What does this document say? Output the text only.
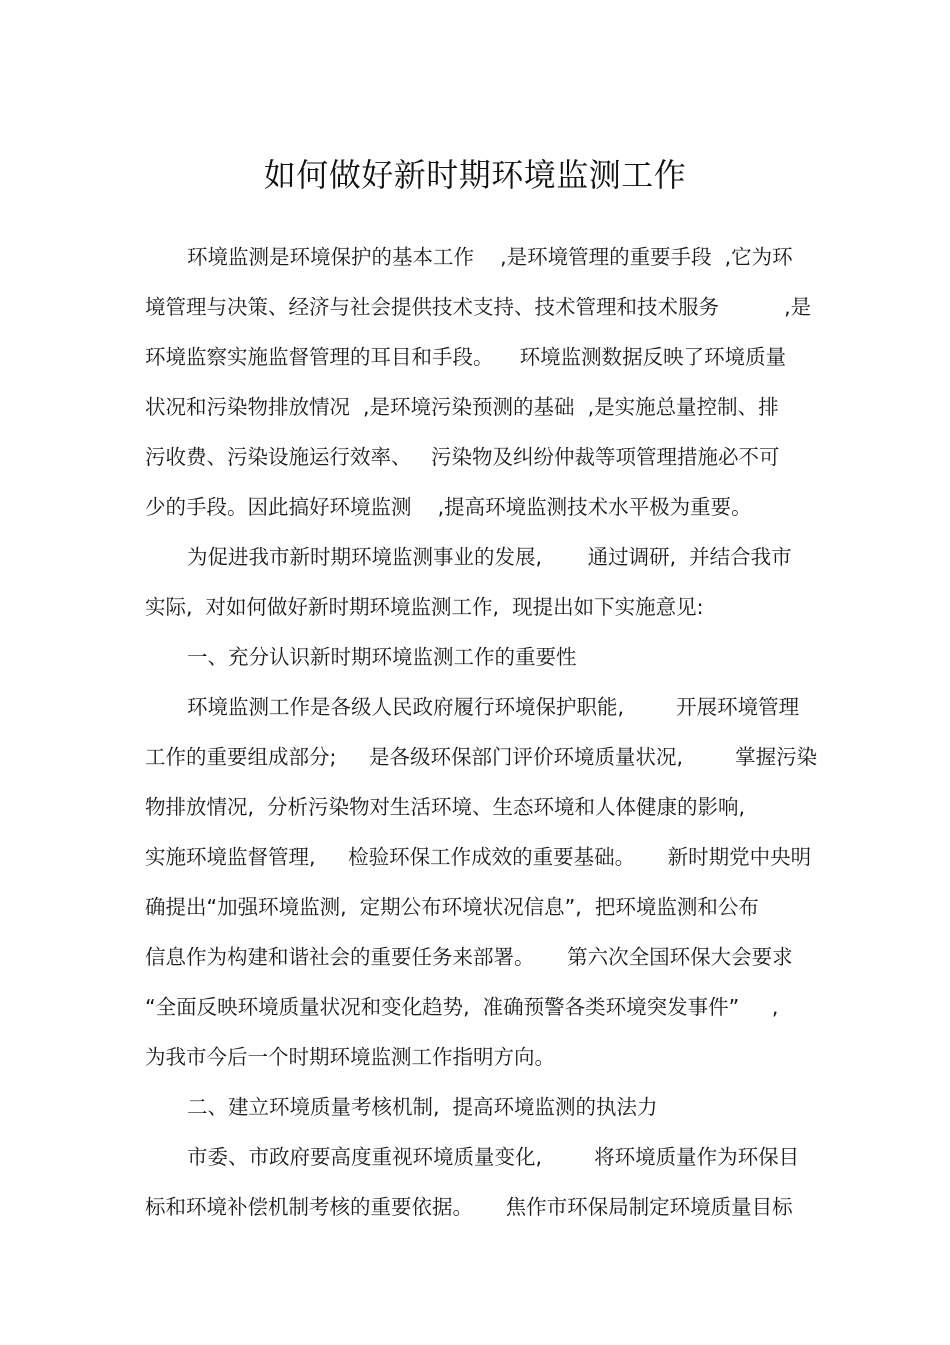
如何做好新时期环境监测工作
环境监测是环境保护的基本工作    ,是环境管理的重要手段  ,它为环
境管理与决策、经济与社会提供技术支持、技术管理和技术服务          ,是
环境监察实施监督管理的耳目和手段。    环境监测数据反映了环境质量
状况和污染物排放情况  ,是环境污染预测的基础  ,是实施总量控制、排
污收费、污染设施运行效率、   污染物及纠纷仲裁等项管理措施必不可
少的手段。因此搞好环境监测    ,提高环境监测技术水平极为重要。
为促进我市新时期环境监测事业的发展,       通过调研,  并结合我市
实际,  对如何做好新时期环境监测工作,  现提出如下实施意见:
一、充分认识新时期环境监测工作的重要性
环境监测工作是各级人民政府履行环境保护职能,        开展环境管理
工作的重要组成部分;     是各级环保部门评价环境质量状况,        掌握污染
物排放情况,  分析污染物对生活环境、生态环境和人体健康的影响,
实施环境监督管理,     检验环保工作成效的重要基础。     新时期党中央明
确提出“加强环境监测,  定期公布环境状况信息”,  把环境监测和公布
信息作为构建和谐社会的重要任务来部署。     第六次全国环保大会要求
“全面反映环境质量状况和变化趋势,  准确预警各类环境突发事件”     ,
为我市今后一个时期环境监测工作指明方向。
二、建立环境质量考核机制,  提高环境监测的执法力
市委、市政府要高度重视环境质量变化,        将环境质量作为环保目
标和环境补偿机制考核的重要依据。     焦作市环保局制定环境质量目标
